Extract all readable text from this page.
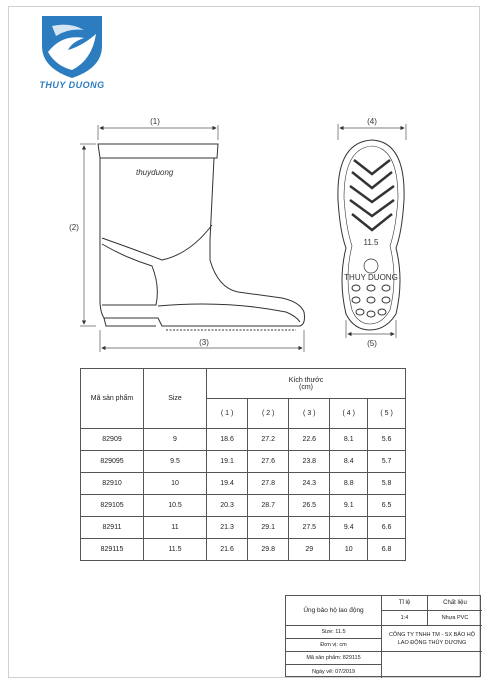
THUY DUONG
thuyduong
(1)
(2)
(3)
11.5
THUY DUONG
(4)
(5)
Mã sản phẩm	Size	Kích thước
(cm)				

		( 1 )	( 2 )	( 3 )	( 4 )	( 5 )
82909	9	18.6	27.2	22.6	8.1	5.6
829095	9.5	19.1	27.6	23.8	8.4	5.7
82910	10	19.4	27.8	24.3	8.8	5.8
829105	10.5	20.3	28.7	26.5	9.1	6.5
82911	11	21.3	29.1	27.5	9.4	6.6
829115	11.5	21.6	29.8	29	10	6.8
Ủng bảo hộ lao động
Tỉ lệ	Chất liệu
1:4	Nhựa PVC
Size: 11.5
Đơn vị: cm
Mã sản phẩm: 829115
Ngày vẽ: 07/2019
CÔNG TY TNHH TM - SX BẢO HỘ
LAO ĐỘNG THỦY DƯƠNG
